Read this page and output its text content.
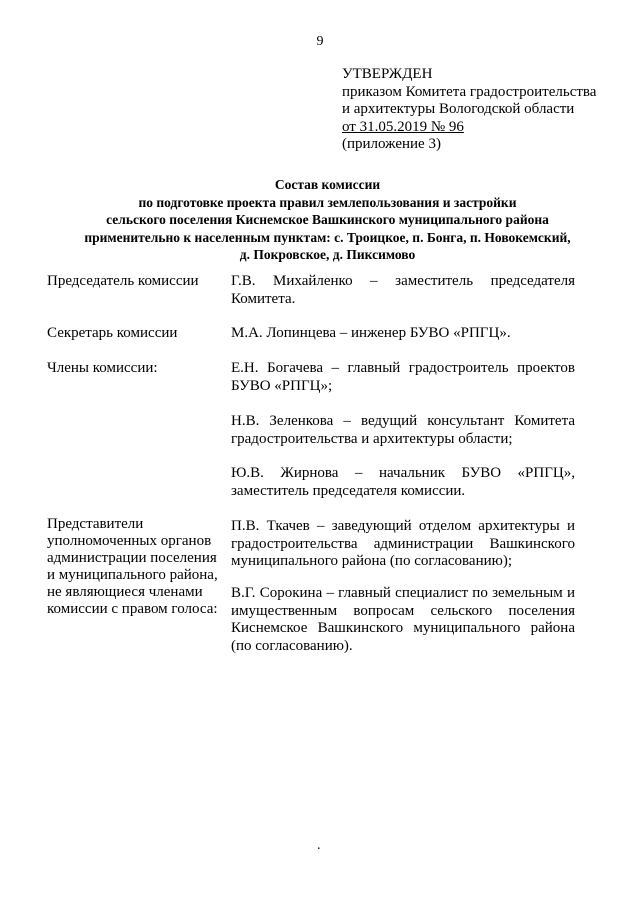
9
УТВЕРЖДЕН
приказом Комитета градостроительства
и архитектуры Вологодской области
от 31.05.2019 № 96
(приложение 3)
Состав комиссии
по подготовке проекта правил землепользования и застройки
сельского поселения Киснемское Вашкинского муниципального района
применительно к населенным пунктам: с. Троицкое, п. Бонга, п. Новокемский,
д. Покровское, д. Пиксимово
Председатель комиссии	Г.В. Михайленко – заместитель председателя Комитета.
Секретарь комиссии	М.А. Лопинцева – инженер БУВО «РПГЦ».
Члены комиссии:	Е.Н. Богачева – главный градостроитель проектов БУВО «РПГЦ»;
Н.В. Зеленкова – ведущий консультант Комитета градостроительства и архитектуры области;
Ю.В. Жирнова – начальник БУВО «РПГЦ», заместитель председателя комиссии.
Представители уполномоченных органов администрации поселения и муниципального района, не являющиеся членами комиссии с правом голоса:
П.В. Ткачев – заведующий отделом архитектуры и градостроительства администрации Вашкинского муниципального района (по согласованию);
В.Г. Сорокина – главный специалист по земельным и имущественным вопросам сельского поселения Киснемское Вашкинского муниципального района (по согласованию).
.
